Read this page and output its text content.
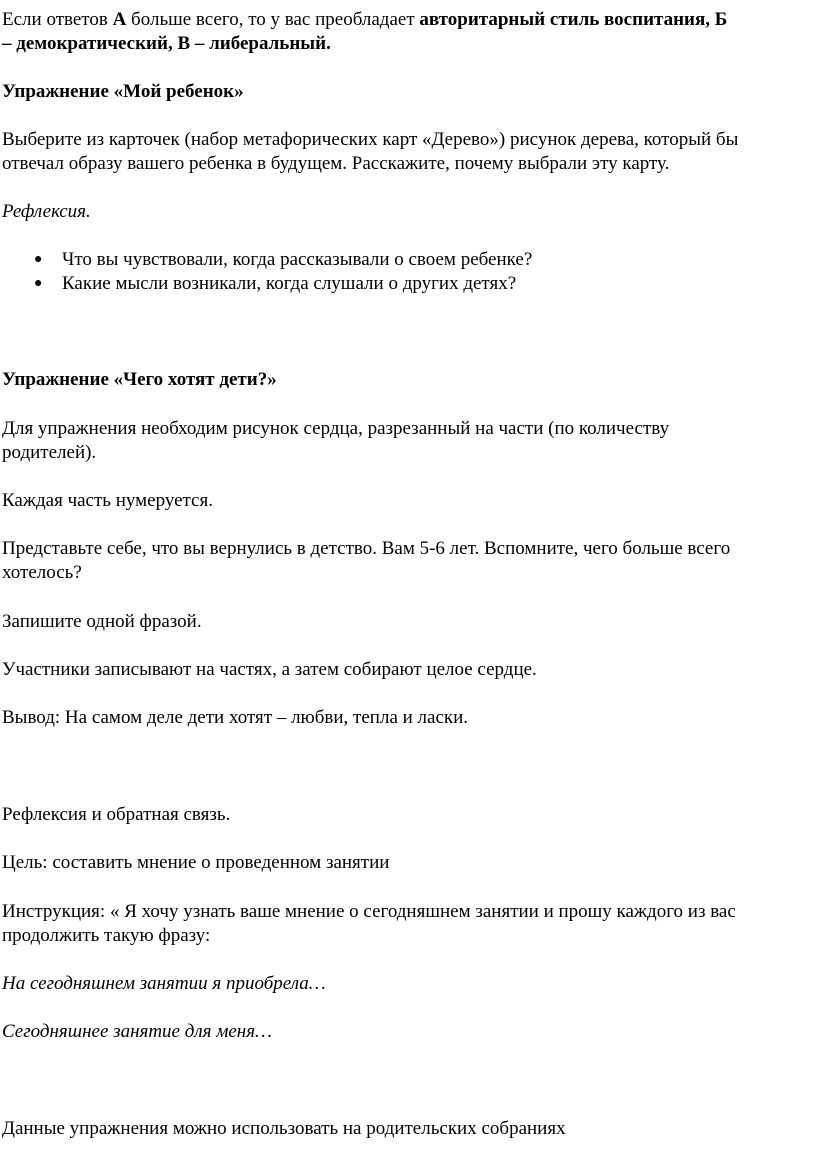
Если ответов А больше всего, то у вас преобладает авторитарный стиль воспитания, Б

– демократический, В – либеральный.

Упражнение «Мой ребенок»

Выберите из карточек (набор метафорических карт «Дерево») рисунок дерева, который бы

отвечал образу вашего ребенка в будущем. Расскажите, почему выбрали эту карту.

Рефлексия.

● Что вы чувствовали, когда рассказывали о своем ребенке?

● Какие мысли возникали, когда слушали о других детях?

Упражнение «Чего хотят дети?»

Для упражнения необходим рисунок сердца, разрезанный на части (по количеству

родителей).

Каждая часть нумеруется.

Представьте себе, что вы вернулись в детство. Вам 5-6 лет. Вспомните, чего больше всего

хотелось?

Запишите одной фразой.

Участники записывают на частях, а затем собирают целое сердце.

Вывод: На самом деле дети хотят – любви, тепла и ласки.

Рефлексия и обратная связь.

Цель: составить мнение о проведенном занятии

Инструкция: « Я хочу узнать ваше мнение о сегодняшнем занятии и прошу каждого из вас

продолжить такую фразу:

На сегодняшнем занятии я приобрела…

Сегодняшнее занятие для меня…

Данные упражнения можно использовать на родительских собраниях
